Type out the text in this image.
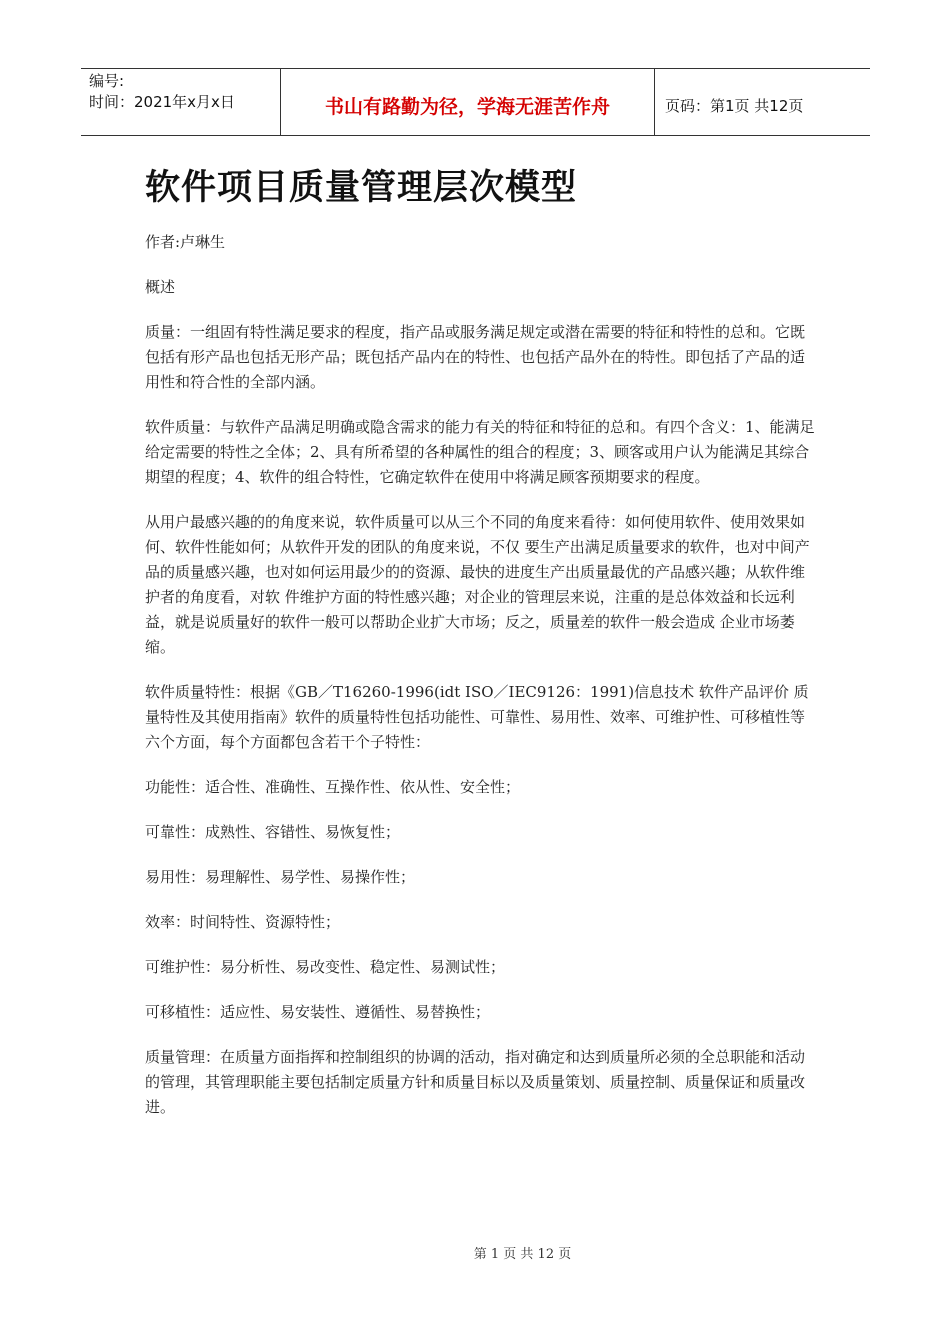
编号:
时间：2021年x月x日	书山有路勤为径，学海无涯苦作舟	页码：第1页 共12页
软件项目质量管理层次模型

作者:卢琳生

概述

质量：一组固有特性满足要求的程度，指产品或服务满足规定或潜在需要的特征和特性的总和。它既包括有形产品也包括无形产品；既包括产品内在的特性、也包括产品外在的特性。即包括了产品的适用性和符合性的全部内涵。

软件质量：与软件产品满足明确或隐含需求的能力有关的特征和特征的总和。有四个含义：1、能满足给定需要的特性之全体；2、具有所希望的各种属性的组合的程度；3、顾客或用户认为能满足其综合期望的程度；4、软件的组合特性，它确定软件在使用中将满足顾客预期要求的程度。

从用户最感兴趣的的角度来说，软件质量可以从三个不同的角度来看待：如何使用软件、使用效果如何、软件性能如何；从软件开发的团队的角度来说，不仅 要生产出满足质量要求的软件，也对中间产品的质量感兴趣，也对如何运用最少的的资源、最快的进度生产出质量最优的产品感兴趣；从软件维护者的角度看，对软 件维护方面的特性感兴趣；对企业的管理层来说，注重的是总体效益和长远利益，就是说质量好的软件一般可以帮助企业扩大市场；反之，质量差的软件一般会造成 企业市场萎缩。

软件质量特性：根据《GB／T16260-1996(idt ISO／IEC9126：1991)信息技术 软件产品评价 质量特性及其使用指南》软件的质量特性包括功能性、可靠性、易用性、效率、可维护性、可移植性等六个方面，每个方面都包含若干个子特性：

功能性：适合性、准确性、互操作性、依从性、安全性；

可靠性：成熟性、容错性、易恢复性；

易用性：易理解性、易学性、易操作性；

效率：时间特性、资源特性；

可维护性：易分析性、易改变性、稳定性、易测试性；

可移植性：适应性、易安装性、遵循性、易替换性；

质量管理：在质量方面指挥和控制组织的协调的活动，指对确定和达到质量所必须的全总职能和活动的管理，其管理职能主要包括制定质量方针和质量目标以及质量策划、质量控制、质量保证和质量改进。

第 1 页 共 12 页
